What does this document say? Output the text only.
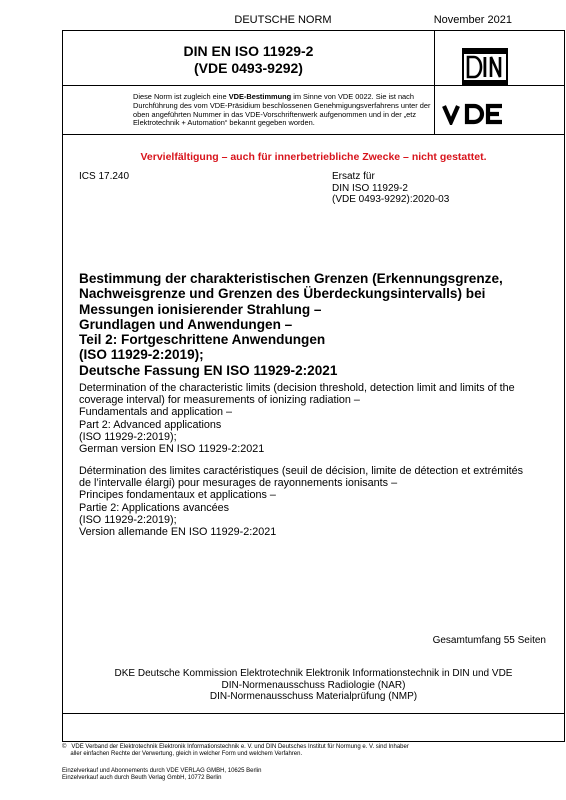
DEUTSCHE NORM	November 2021
DIN EN ISO 11929-2
(VDE 0493-9292)
Diese Norm ist zugleich eine VDE-Bestimmung im Sinne von VDE 0022. Sie ist nach Durchführung des vom VDE-Präsidium beschlossenen Genehmigungsverfahrens unter der oben angeführten Nummer in das VDE-Vorschriftenwerk aufgenommen und in der „etz Elektrotechnik + Automation“ bekannt gegeben worden.
Vervielfältigung – auch für innerbetriebliche Zwecke – nicht gestattet.
ICS 17.240	Ersatz für
DIN ISO 11929-2
(VDE 0493-9292):2020-03
Bestimmung der charakteristischen Grenzen (Erkennungsgrenze,
Nachweisgrenze und Grenzen des Überdeckungsintervalls) bei
Messungen ionisierender Strahlung –
Grundlagen und Anwendungen –
Teil 2: Fortgeschrittene Anwendungen
(ISO 11929-2:2019);
Deutsche Fassung EN ISO 11929-2:2021
Determination of the characteristic limits (decision threshold, detection limit and limits of the
coverage interval) for measurements of ionizing radiation –
Fundamentals and application –
Part 2: Advanced applications
(ISO 11929-2:2019);
German version EN ISO 11929-2:2021
Détermination des limites caractéristiques (seuil de décision, limite de détection et extrémités
de l’intervalle élargi) pour mesurages de rayonnements ionisants –
Principes fondamentaux et applications –
Partie 2: Applications avancées
(ISO 11929-2:2019);
Version allemande EN ISO 11929-2:2021
Gesamtumfang 55 Seiten
DKE Deutsche Kommission Elektrotechnik Elektronik Informationstechnik in DIN und VDE
DIN-Normenausschuss Radiologie (NAR)
DIN-Normenausschuss Materialprüfung (NMP)
©   VDE Verband der Elektrotechnik Elektronik Informationstechnik e. V. und DIN Deutsches Institut für Normung e. V. sind Inhaber
aller einfachen Rechte der Verwertung, gleich in welcher Form und welchem Verfahren.
Einzelverkauf und Abonnements durch VDE VERLAG GMBH, 10625 Berlin
Einzelverkauf auch durch Beuth Verlag GmbH, 10772 Berlin
